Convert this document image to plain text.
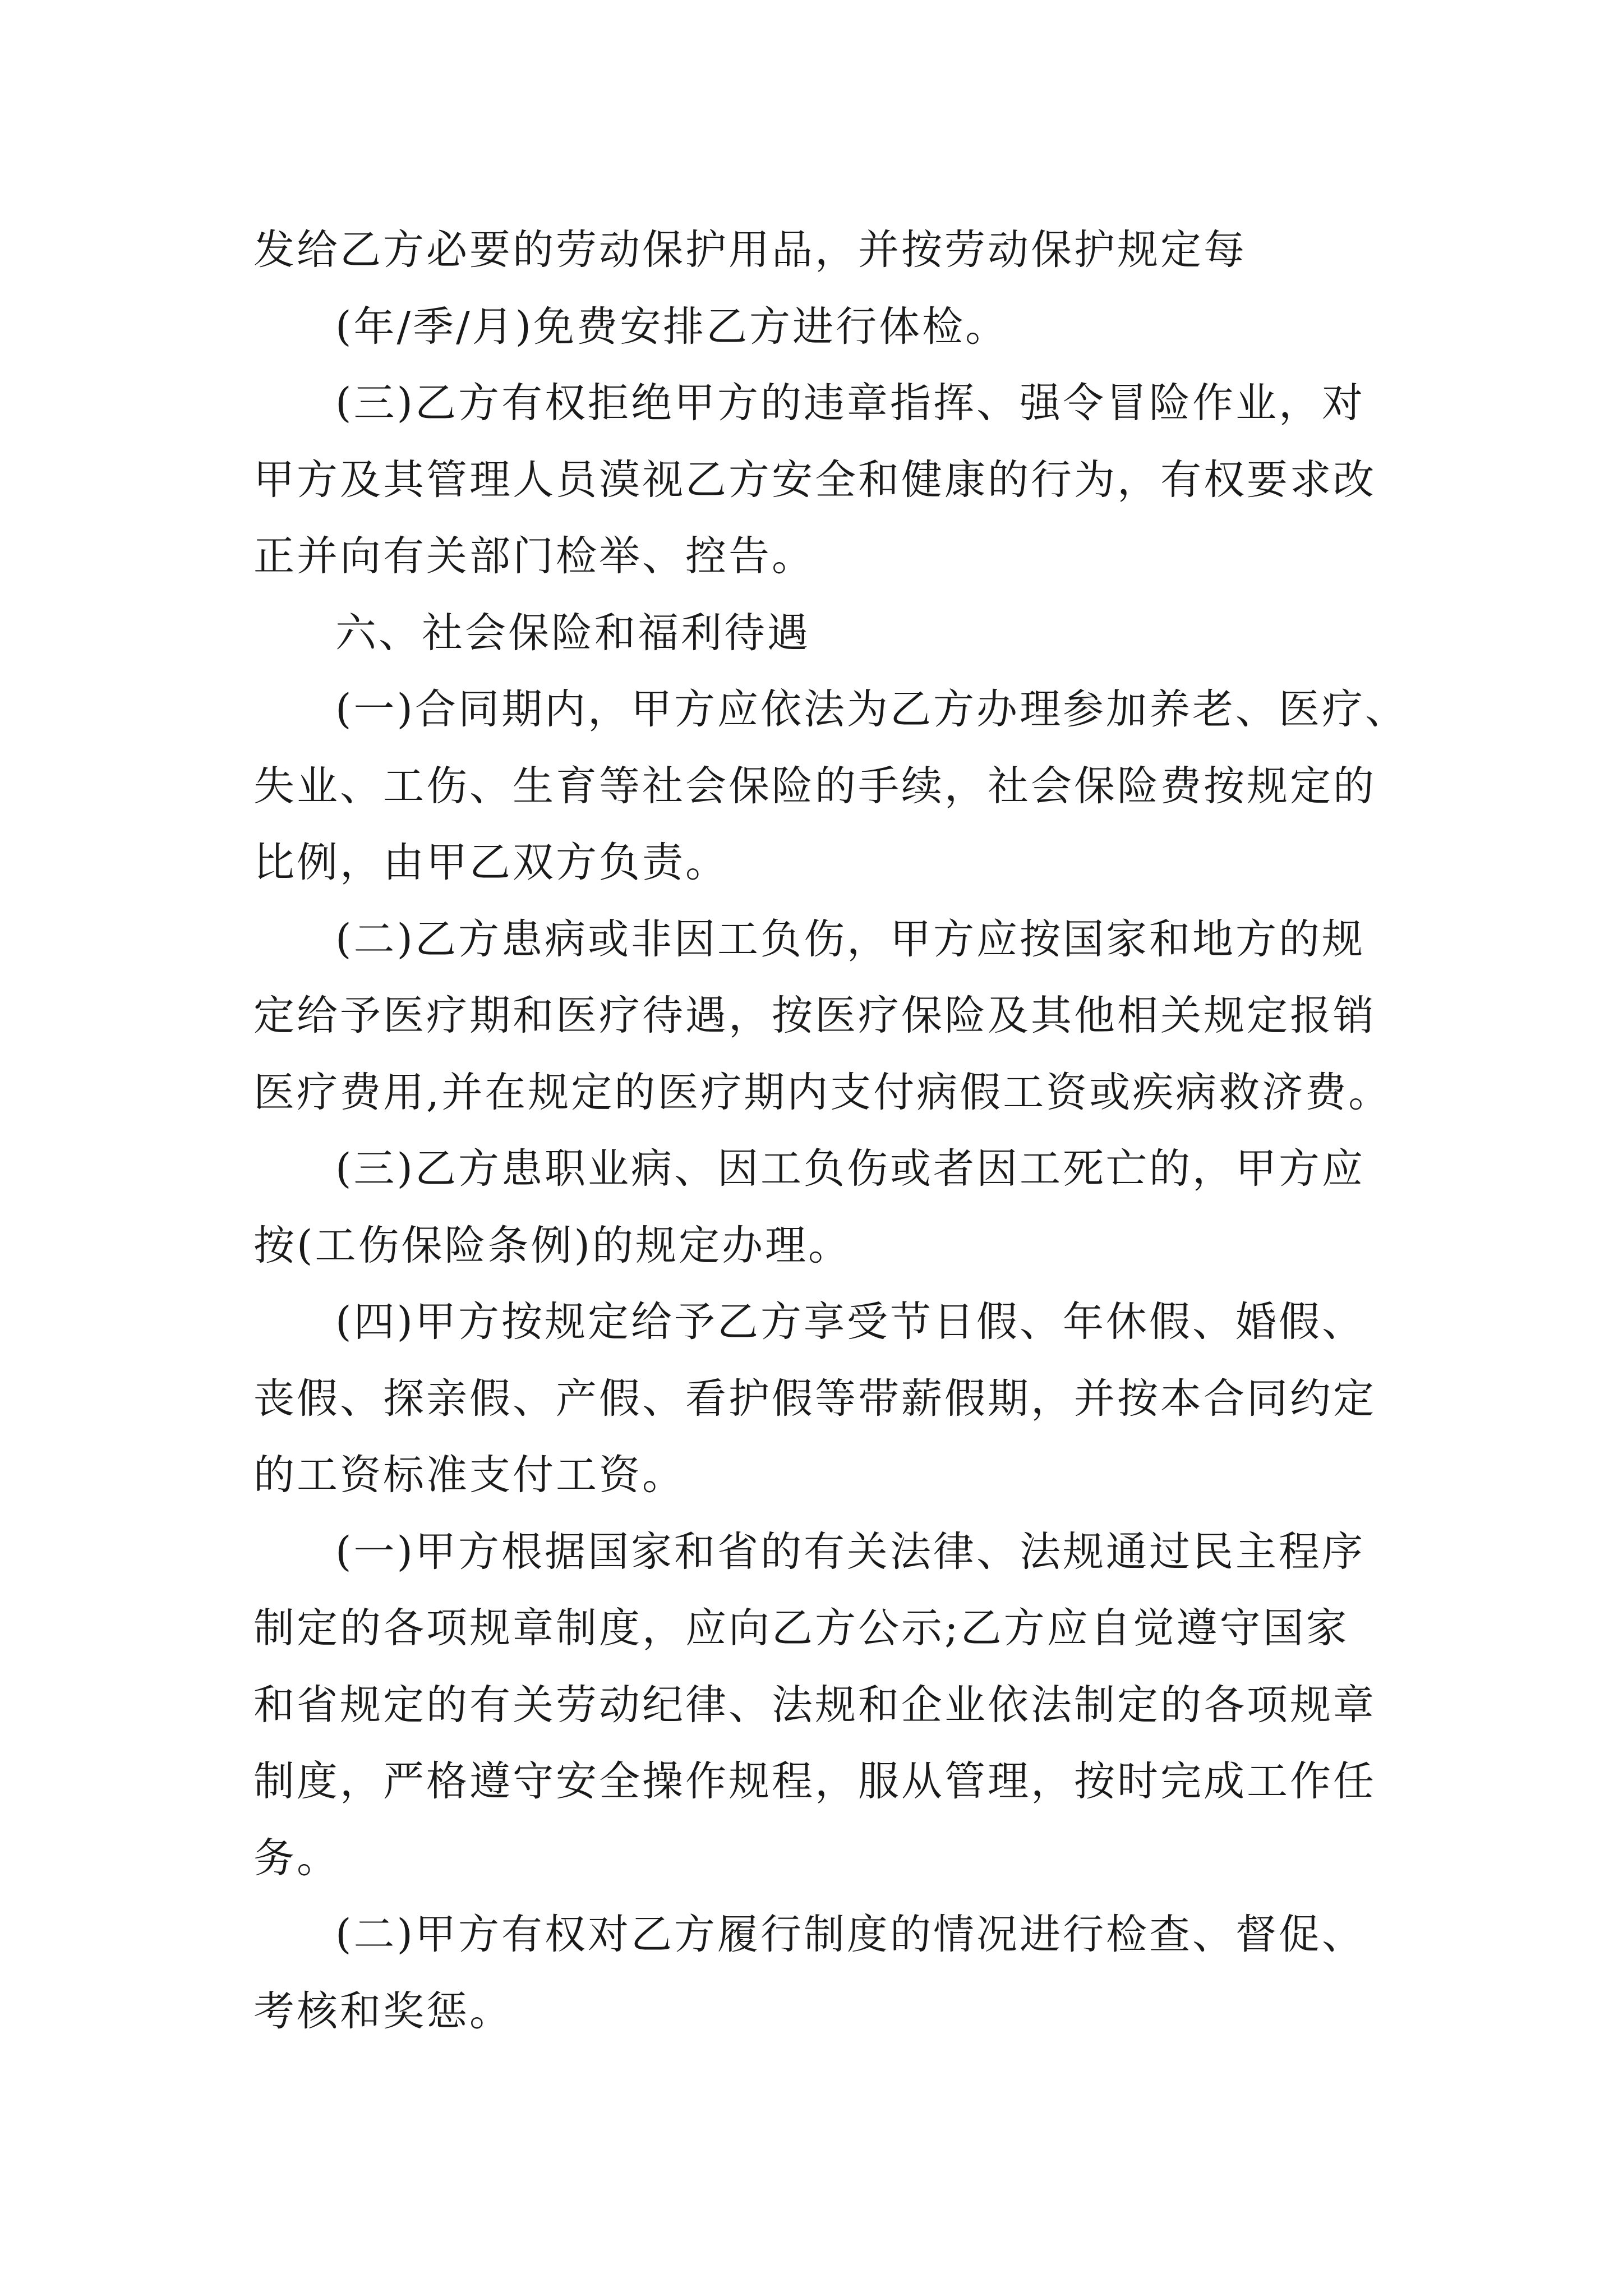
发给乙方必要的劳动保护用品，并按劳动保护规定每
(年/季/月)免费安排乙方进行体检。
(三)乙方有权拒绝甲方的违章指挥、强令冒险作业，对
甲方及其管理人员漠视乙方安全和健康的行为，有权要求改
正并向有关部门检举、控告。
六、社会保险和福利待遇
(一)合同期内，甲方应依法为乙方办理参加养老、医疗、
失业、工伤、生育等社会保险的手续，社会保险费按规定的
比例，由甲乙双方负责。
(二)乙方患病或非因工负伤，甲方应按国家和地方的规
定给予医疗期和医疗待遇，按医疗保险及其他相关规定报销
医疗费用,并在规定的医疗期内支付病假工资或疾病救济费。
(三)乙方患职业病、因工负伤或者因工死亡的，甲方应
按(工伤保险条例)的规定办理。
(四)甲方按规定给予乙方享受节日假、年休假、婚假、
丧假、探亲假、产假、看护假等带薪假期，并按本合同约定
的工资标准支付工资。
(一)甲方根据国家和省的有关法律、法规通过民主程序
制定的各项规章制度，应向乙方公示;乙方应自觉遵守国家
和省规定的有关劳动纪律、法规和企业依法制定的各项规章
制度，严格遵守安全操作规程，服从管理，按时完成工作任
务。
(二)甲方有权对乙方履行制度的情况进行检查、督促、
考核和奖惩。
